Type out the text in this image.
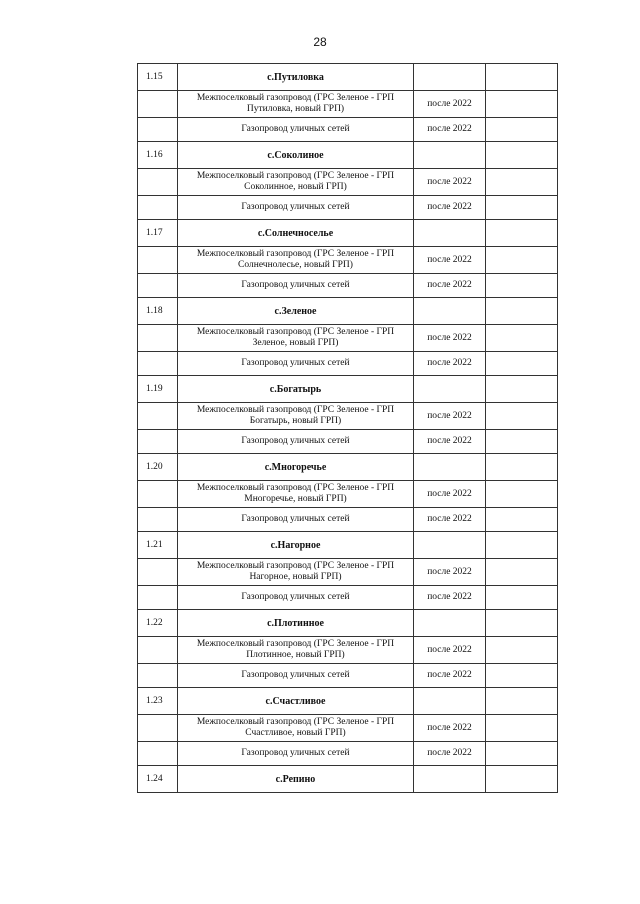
28
1.15	с.Путиловка		

	Межпоселковый газопровод (ГРС Зеленое - ГРП
Путиловка, новый ГРП)	после 2022	

	Газопровод уличных сетей	после 2022	
1.16	с.Соколиное		

	Межпоселковый газопровод (ГРС Зеленое - ГРП
Соколинное, новый ГРП)	после 2022	

	Газопровод уличных сетей	после 2022	
1.17	с.Солнечноселье		

	Межпоселковый газопровод (ГРС Зеленое - ГРП
Солнечнолесье, новый ГРП)	после 2022	

	Газопровод уличных сетей	после 2022	
1.18	с.Зеленое		

	Межпоселковый газопровод (ГРС Зеленое - ГРП
Зеленое, новый ГРП)	после 2022	

	Газопровод уличных сетей	после 2022	
1.19	с.Богатырь		

	Межпоселковый газопровод (ГРС Зеленое - ГРП
Богатырь, новый ГРП)	после 2022	

	Газопровод уличных сетей	после 2022	
1.20	с.Многоречье		

	Межпоселковый газопровод (ГРС Зеленое - ГРП
Многоречье, новый ГРП)	после 2022	

	Газопровод уличных сетей	после 2022	
1.21	с.Нагорное		

	Межпоселковый газопровод (ГРС Зеленое - ГРП
Нагорное, новый ГРП)	после 2022	

	Газопровод уличных сетей	после 2022	
1.22	с.Плотинное		

	Межпоселковый газопровод (ГРС Зеленое - ГРП
Плотинное, новый ГРП)	после 2022	

	Газопровод уличных сетей	после 2022	
1.23	с.Счастливое		

	Межпоселковый газопровод (ГРС Зеленое - ГРП
Счастливое, новый ГРП)	после 2022	

	Газопровод уличных сетей	после 2022	
1.24	с.Репино		
